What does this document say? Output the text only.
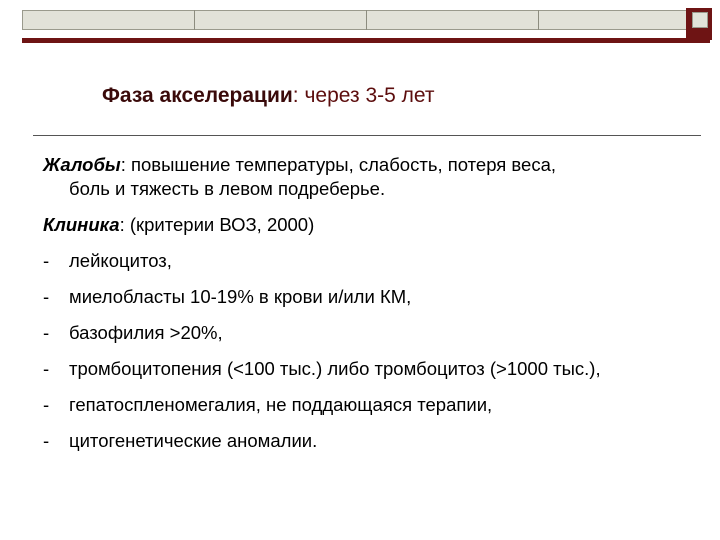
Фаза акселерации: через 3-5 лет

Жалобы: повышение температуры, слабость, потеря веса,
боль и тяжесть в левом подреберье.

Клиника: (критерии ВОЗ, 2000)

- лейкоцитоз,
- миелобласты 10-19% в крови и/или КМ,
- базофилия >20%,
- тромбоцитопения (<100 тыс.) либо тромбоцитоз (>1000 тыс.),
- гепатоспленомегалия, не поддающаяся терапии,
- цитогенетические аномалии.
